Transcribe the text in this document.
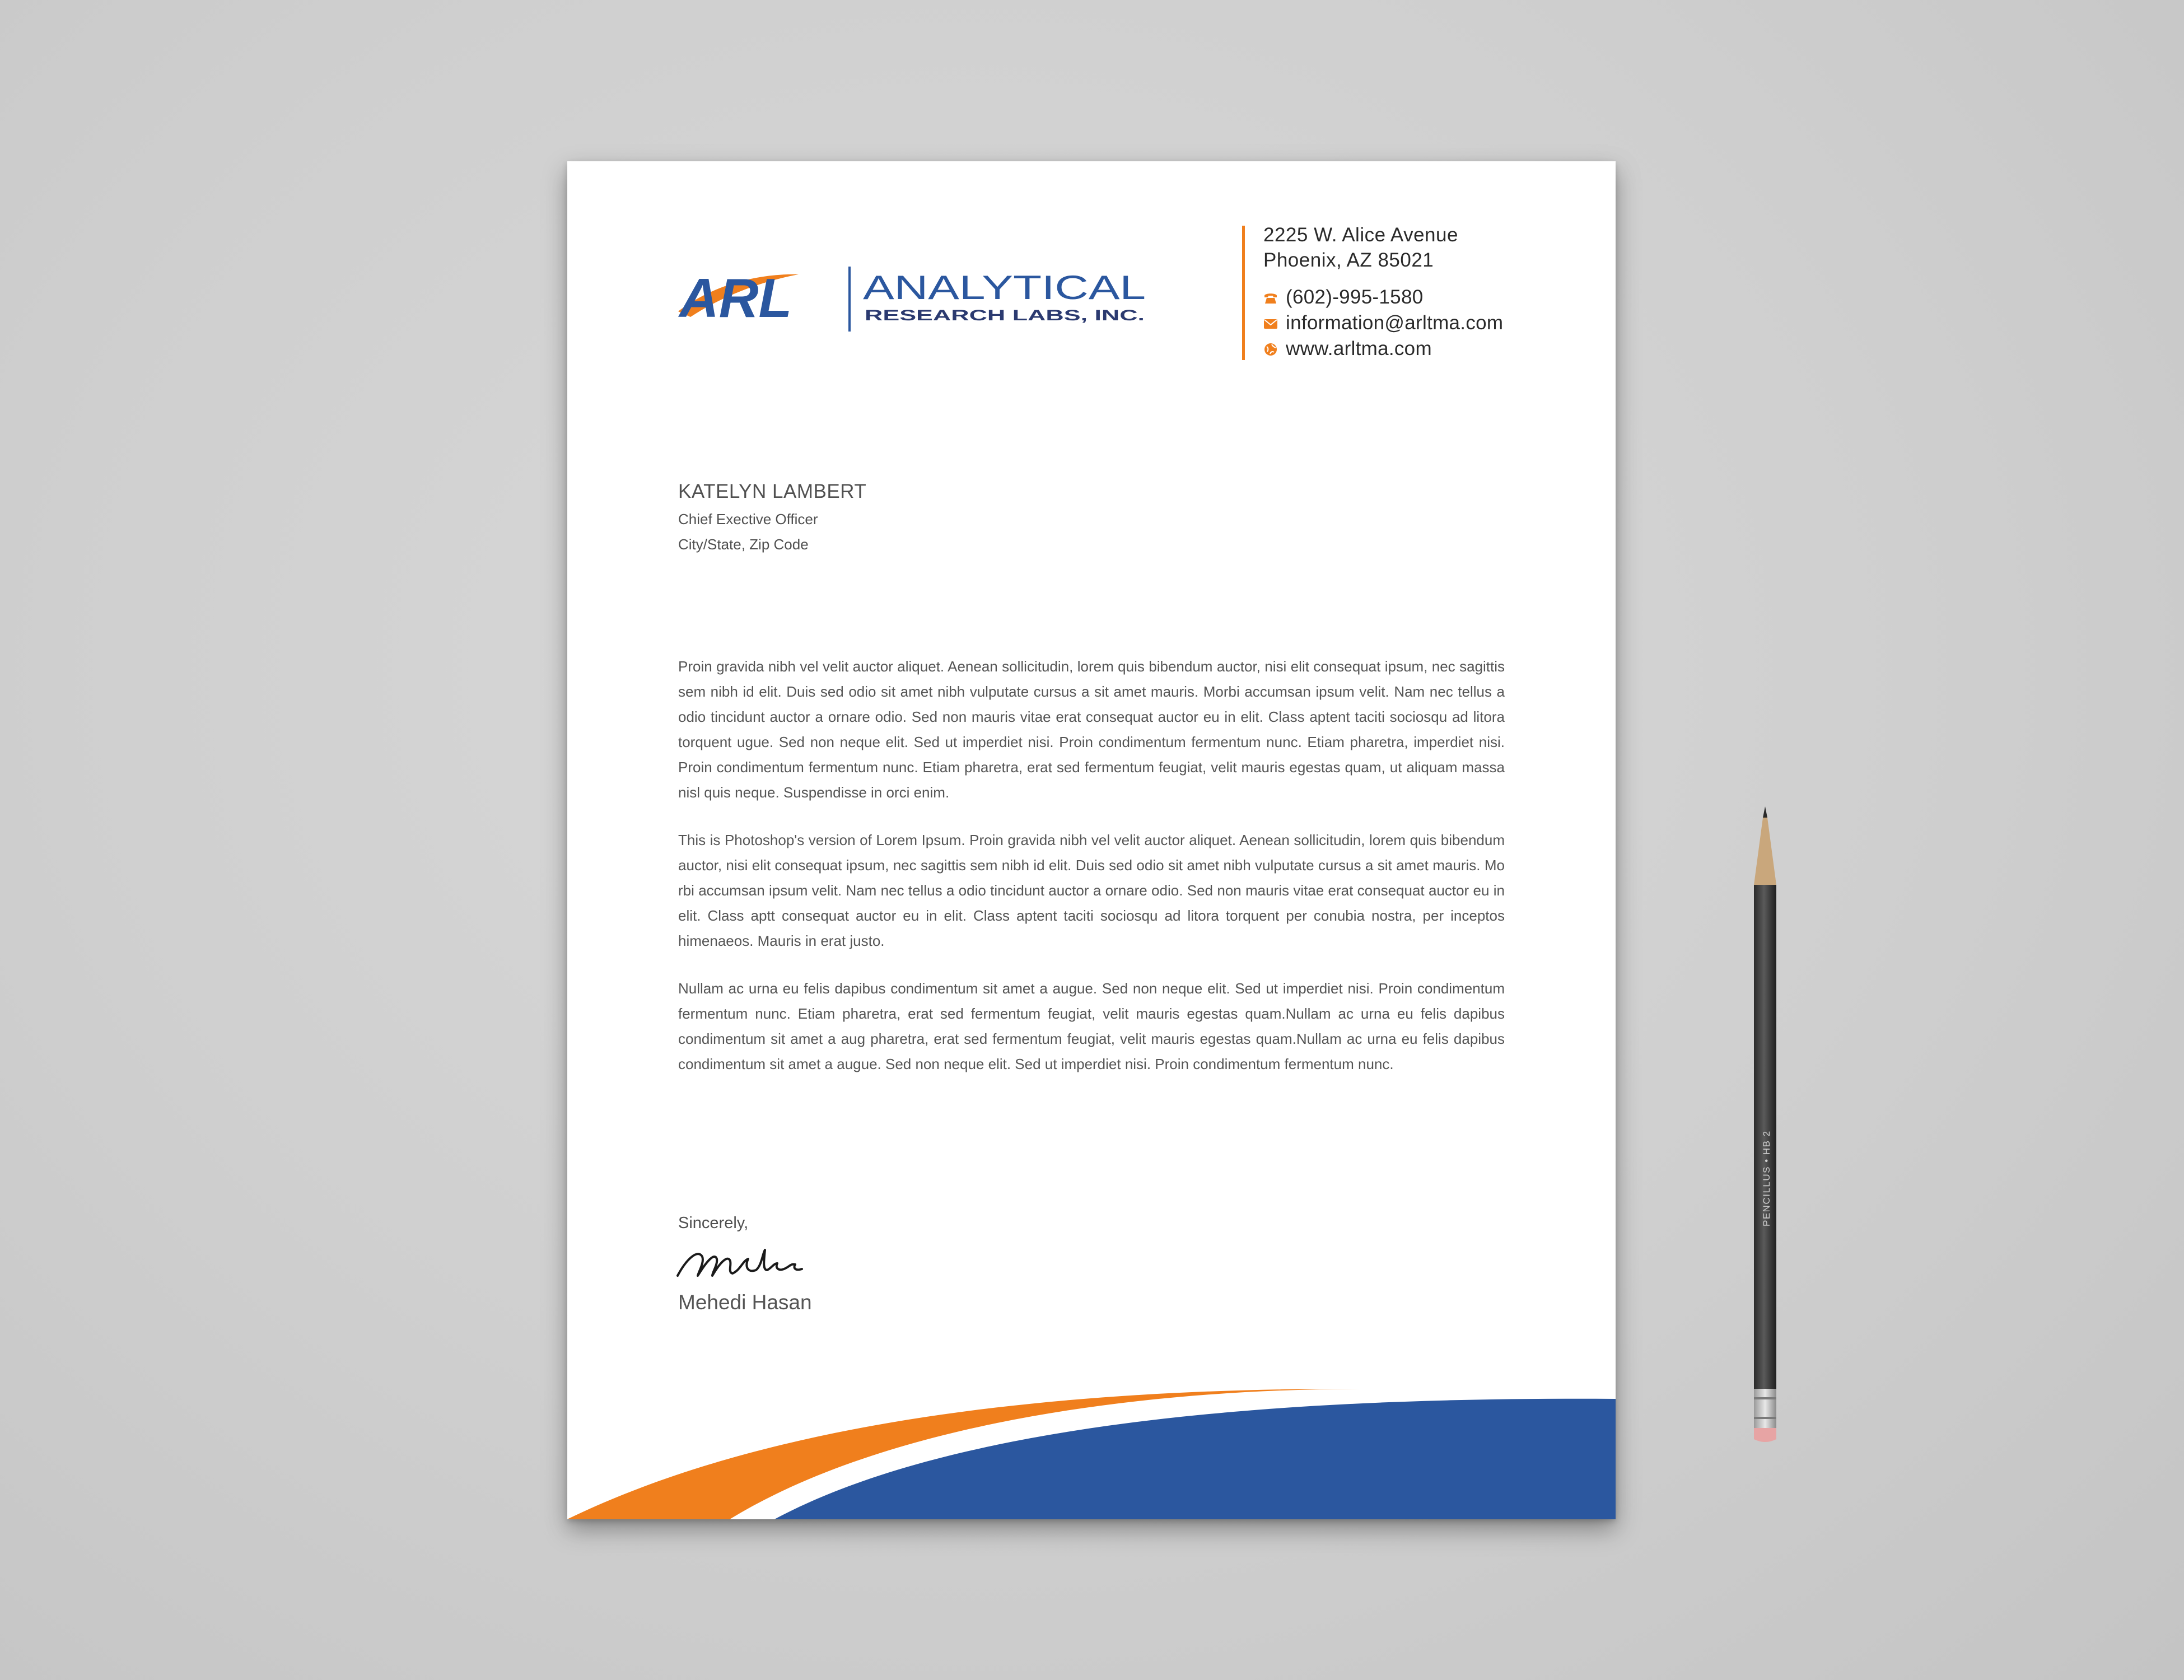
ARL ANALYTICAL
RESEARCH LABS, INC.
2225 W. Alice Avenue
Phoenix, AZ 85021
(602)-995-1580
information@arltma.com
www.arltma.com
KATELYN LAMBERT
Chief Exective Officer
City/State, Zip Code

Proin gravida nibh vel velit auctor aliquet. Aenean sollicitudin, lorem quis bibendum auctor, nisi elit consequat ipsum, nec sagittis sem nibh id elit. Duis sed odio sit amet nibh vulputate cursus a sit amet mauris. Morbi accumsan ipsum velit. Nam nec tellus a odio tincidunt auctor a ornare odio. Sed non mauris vitae erat consequat auctor eu in elit. Class aptent taciti sociosqu ad litora torquent ugue. Sed non neque elit. Sed ut imperdiet nisi. Proin condimentum fermentum nunc. Etiam pharetra, imperdiet nisi. Proin condimentum fermentum nunc. Etiam pharetra, erat sed fermentum feugiat, velit mauris egestas quam, ut aliquam massa nisl quis neque. Suspendisse in orci enim.

This is Photoshop's version of Lorem Ipsum. Proin gravida nibh vel velit auctor aliquet. Aenean sollicitudin, lorem quis bibendum auctor, nisi elit consequat ipsum, nec sagittis sem nibh id elit. Duis sed odio sit amet nibh vulputate cursus a sit amet mauris. Mo rbi accumsan ipsum velit. Nam nec tellus a odio tincidunt auctor a ornare odio. Sed non mauris vitae erat consequat auctor eu in elit. Class aptt consequat auctor eu in elit. Class aptent taciti sociosqu ad litora torquent per conubia nostra, per inceptos himenaeos. Mauris in erat justo.

Nullam ac urna eu felis dapibus condimentum sit amet a augue. Sed non neque elit. Sed ut imperdiet nisi. Proin condimentum fermentum nunc. Etiam pharetra, erat sed fermentum feugiat, velit mauris egestas quam.Nullam ac urna eu felis dapibus condimentum sit amet a aug pharetra, erat sed fermentum feugiat, velit mauris egestas quam.Nullam ac urna eu felis dapibus condimentum sit amet a augue. Sed non neque elit. Sed ut imperdiet nisi. Proin condimentum fermentum nunc.

Sincerely,
Mehedi Hasan
PENCILLUS • HB 2
